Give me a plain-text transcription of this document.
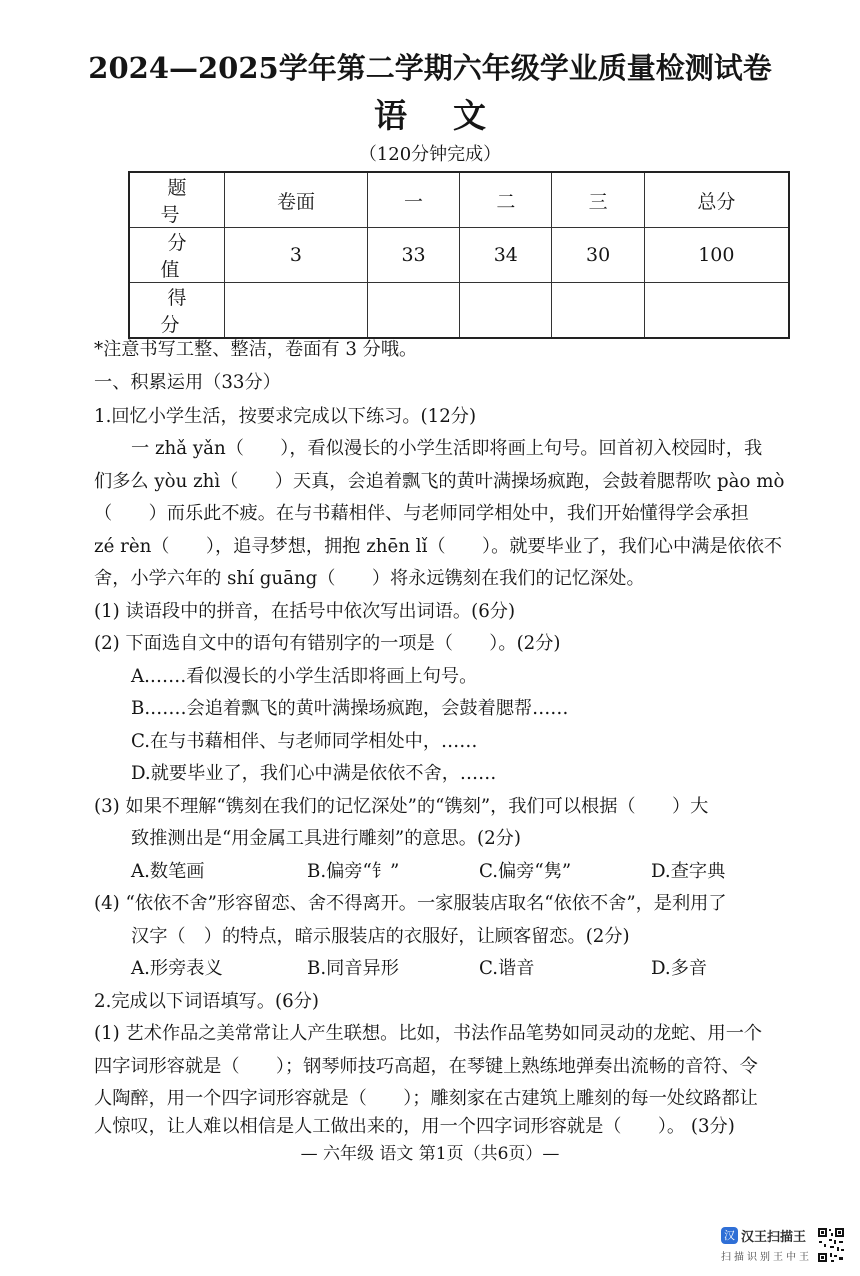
2024—2025学年第二学期六年级学业质量检测试卷
语文
（120分钟完成）
题　号	卷面	一	二	三	总分
分　值	3	33	34	30	100
得　分					
*注意书写工整、整洁，卷面有 3 分哦。
一、积累运用（33分）
1.回忆小学生活，按要求完成以下练习。(12分)
一 zhǎ yǎn（　　），看似漫长的小学生活即将画上句号。回首初入校园时，我
们多么 yòu zhì（　　）天真，会追着飘飞的黄叶满操场疯跑，会鼓着腮帮吹 pào mò
（　　）而乐此不疲。在与书藉相伴、与老师同学相处中，我们开始懂得学会承担
zé rèn（　　），追寻梦想，拥抱 zhēn lǐ（　　）。就要毕业了，我们心中满是依依不
舍，小学六年的 shí guāng（　　）将永远镌刻在我们的记忆深处。
(1) 读语段中的拼音，在括号中依次写出词语。(6分)
(2) 下面选自文中的语句有错别字的一项是（　　）。(2分)
A.……看似漫长的小学生活即将画上句号。
B.……会追着飘飞的黄叶满操场疯跑，会鼓着腮帮……
C.在与书藉相伴、与老师同学相处中，……
D.就要毕业了，我们心中满是依依不舍，……
(3) 如果不理解“镌刻在我们的记忆深处”的“镌刻”，我们可以根据（　　）大
致推测出是“用金属工具进行雕刻”的意思。(2分)
A.数笔画	B.偏旁“钅”	C.偏旁“隽”	D.查字典
(4) “依依不舍”形容留恋、舍不得离开。一家服装店取名“依依不舍”，是利用了
汉字（　）的特点，暗示服装店的衣服好，让顾客留恋。(2分)
A.形旁表义	B.同音异形	C.谐音	D.多音
2.完成以下词语填写。(6分)
(1) 艺术作品之美常常让人产生联想。比如，书法作品笔势如同灵动的龙蛇、用一个
四字词形容就是（　　）；钢琴师技巧高超，在琴键上熟练地弹奏出流畅的音符、令
人陶醉，用一个四字词形容就是（　　）；雕刻家在古建筑上雕刻的每一处纹路都让
人惊叹，让人难以相信是人工做出来的，用一个四字词形容就是（　　）。 (3分)
— 六年级 语文 第1页（共6页）—
汉 汉王扫描王
扫描识别王中王
